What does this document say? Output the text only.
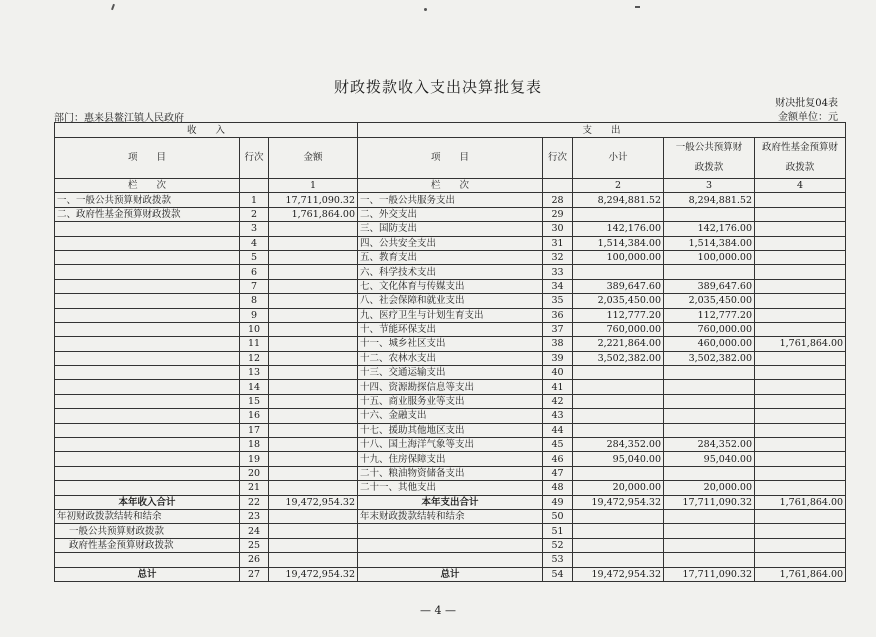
财政拨款收入支出决算批复表
财决批复04表
金额单位：元
部门：惠来县鳌江镇人民政府
收　　入			支　　出				
项　　目	行次	金额	项　　目	行次	小计	一般公共预算财政拨款	政府性基金预算财政拨款
栏　　次		1	栏　　次		2	3	4
一、一般公共预算财政拨款	1	17,711,090.32	一、一般公共服务支出	28	8,294,881.52	8,294,881.52	
二、政府性基金预算财政拨款	2	1,761,864.00	二、外交支出	29			
	3		三、国防支出	30	142,176.00	142,176.00	
	4		四、公共安全支出	31	1,514,384.00	1,514,384.00	
	5		五、教育支出	32	100,000.00	100,000.00	
	6		六、科学技术支出	33			
	7		七、文化体育与传媒支出	34	389,647.60	389,647.60	
	8		八、社会保障和就业支出	35	2,035,450.00	2,035,450.00	
	9		九、医疗卫生与计划生育支出	36	112,777.20	112,777.20	
	10		十、节能环保支出	37	760,000.00	760,000.00	
	11		十一、城乡社区支出	38	2,221,864.00	460,000.00	1,761,864.00
	12		十二、农林水支出	39	3,502,382.00	3,502,382.00	
	13		十三、交通运输支出	40			
	14		十四、资源勘探信息等支出	41			
	15		十五、商业服务业等支出	42			
	16		十六、金融支出	43			
	17		十七、援助其他地区支出	44			
	18		十八、国土海洋气象等支出	45	284,352.00	284,352.00	
	19		十九、住房保障支出	46	95,040.00	95,040.00	
	20		二十、粮油物资储备支出	47			
	21		二十一、其他支出	48	20,000.00	20,000.00	
本年收入合计	22	19,472,954.32	本年支出合计	49	19,472,954.32	17,711,090.32	1,761,864.00
年初财政拨款结转和结余	23		年末财政拨款结转和结余	50			
一般公共预算财政拨款	24			51			
政府性基金预算财政拨款	25			52			
	26			53			
总计	27	19,472,954.32	总计	54	19,472,954.32	17,711,090.32	1,761,864.00
— 4 —
